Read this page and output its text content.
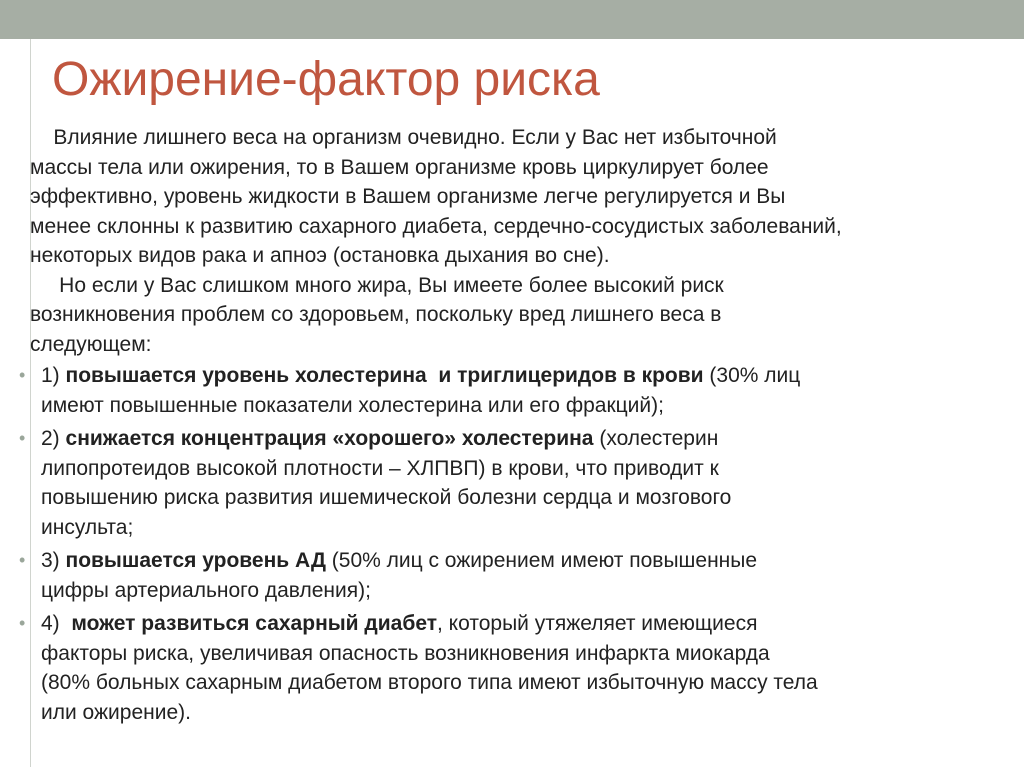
Ожирение-фактор риска

Влияние лишнего веса на организм очевидно. Если у Вас нет избыточной
массы тела или ожирения, то в Вашем организме кровь циркулирует более
эффективно, уровень жидкости в Вашем организме легче регулируется и Вы
менее склонны к развитию сахарного диабета, сердечно-сосудистых заболеваний,
некоторых видов рака и апноэ (остановка дыхания во сне).

Но если у Вас слишком много жира, Вы имеете более высокий риск
возникновения проблем со здоровьем, поскольку вред лишнего веса в
следующем:

• 1) повышается уровень холестерина  и триглицеридов в крови (30% лиц
имеют повышенные показатели холестерина или его фракций);
• 2) снижается концентрация «хорошего» холестерина (холестерин
липопротеидов высокой плотности – ХЛПВП) в крови, что приводит к
повышению риска развития ишемической болезни сердца и мозгового
инсульта;
• 3) повышается уровень АД (50% лиц с ожирением имеют повышенные
цифры артериального давления);
• 4)  может развиться сахарный диабет, который утяжеляет имеющиеся
факторы риска, увеличивая опасность возникновения инфаркта миокарда
(80% больных сахарным диабетом второго типа имеют избыточную массу тела
или ожирение).
